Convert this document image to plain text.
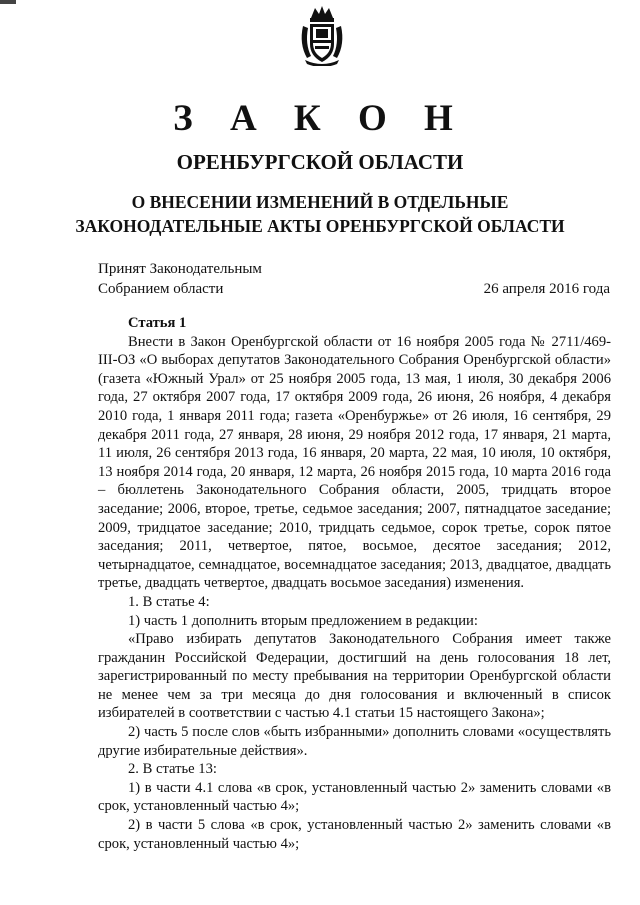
З А К О Н
ОРЕНБУРГСКОЙ ОБЛАСТИ
О ВНЕСЕНИИ ИЗМЕНЕНИЙ В ОТДЕЛЬНЫЕ
ЗАКОНОДАТЕЛЬНЫЕ АКТЫ ОРЕНБУРГСКОЙ ОБЛАСТИ
Принят Законодательным
Собранием области	26 апреля 2016 года
Статья 1

Внести в Закон Оренбургской области от 16 ноября 2005 года № 2711/469-III-ОЗ «О выборах депутатов Законодательного Собрания Оренбургской области» (газета «Южный Урал» от 25 ноября 2005 года, 13 мая, 1 июля, 30 декабря 2006 года, 27 октября 2007 года, 17 октября 2009 года, 26 июня, 26 ноября, 4 декабря 2010 года, 1 января 2011 года; газета «Оренбуржье» от 26 июля, 16 сентября, 29 декабря 2011 года, 27 января, 28 июня, 29 ноября 2012 года, 17 января, 21 марта, 11 июля, 26 сентября 2013 года, 16 января, 20 марта, 22 мая, 10 июля, 10 октября, 13 ноября 2014 года, 20 января, 12 марта, 26 ноября 2015 года, 10 марта 2016 года – бюллетень Законодательного Собрания области, 2005, тридцать второе заседание; 2006, второе, третье, седьмое заседания; 2007, пятнадцатое заседание; 2009, тридцатое заседание; 2010, тридцать седьмое, сорок третье, сорок пятое заседания; 2011, четвертое, пятое, восьмое, десятое заседания; 2012, четырнадцатое, семнадцатое, восемнадцатое заседания; 2013, двадцатое, двадцать третье, двадцать четвертое, двадцать восьмое заседания) изменения.

1. В статье 4:

1) часть 1 дополнить вторым предложением в редакции:

«Право избирать депутатов Законодательного Собрания имеет также гражданин Российской Федерации, достигший на день голосования 18 лет, зарегистрированный по месту пребывания на территории Оренбургской области не менее чем за три месяца до дня голосования и включенный в список избирателей в соответствии с частью 4.1 статьи 15 настоящего Закона»;

2) часть 5 после слов «быть избранными» дополнить словами «осуществлять другие избирательные действия».

2. В статье 13:

1) в части 4.1 слова «в срок, установленный частью 2» заменить словами «в срок, установленный частью 4»;

2) в части 5 слова «в срок, установленный частью 2» заменить словами «в срок, установленный частью 4»;
